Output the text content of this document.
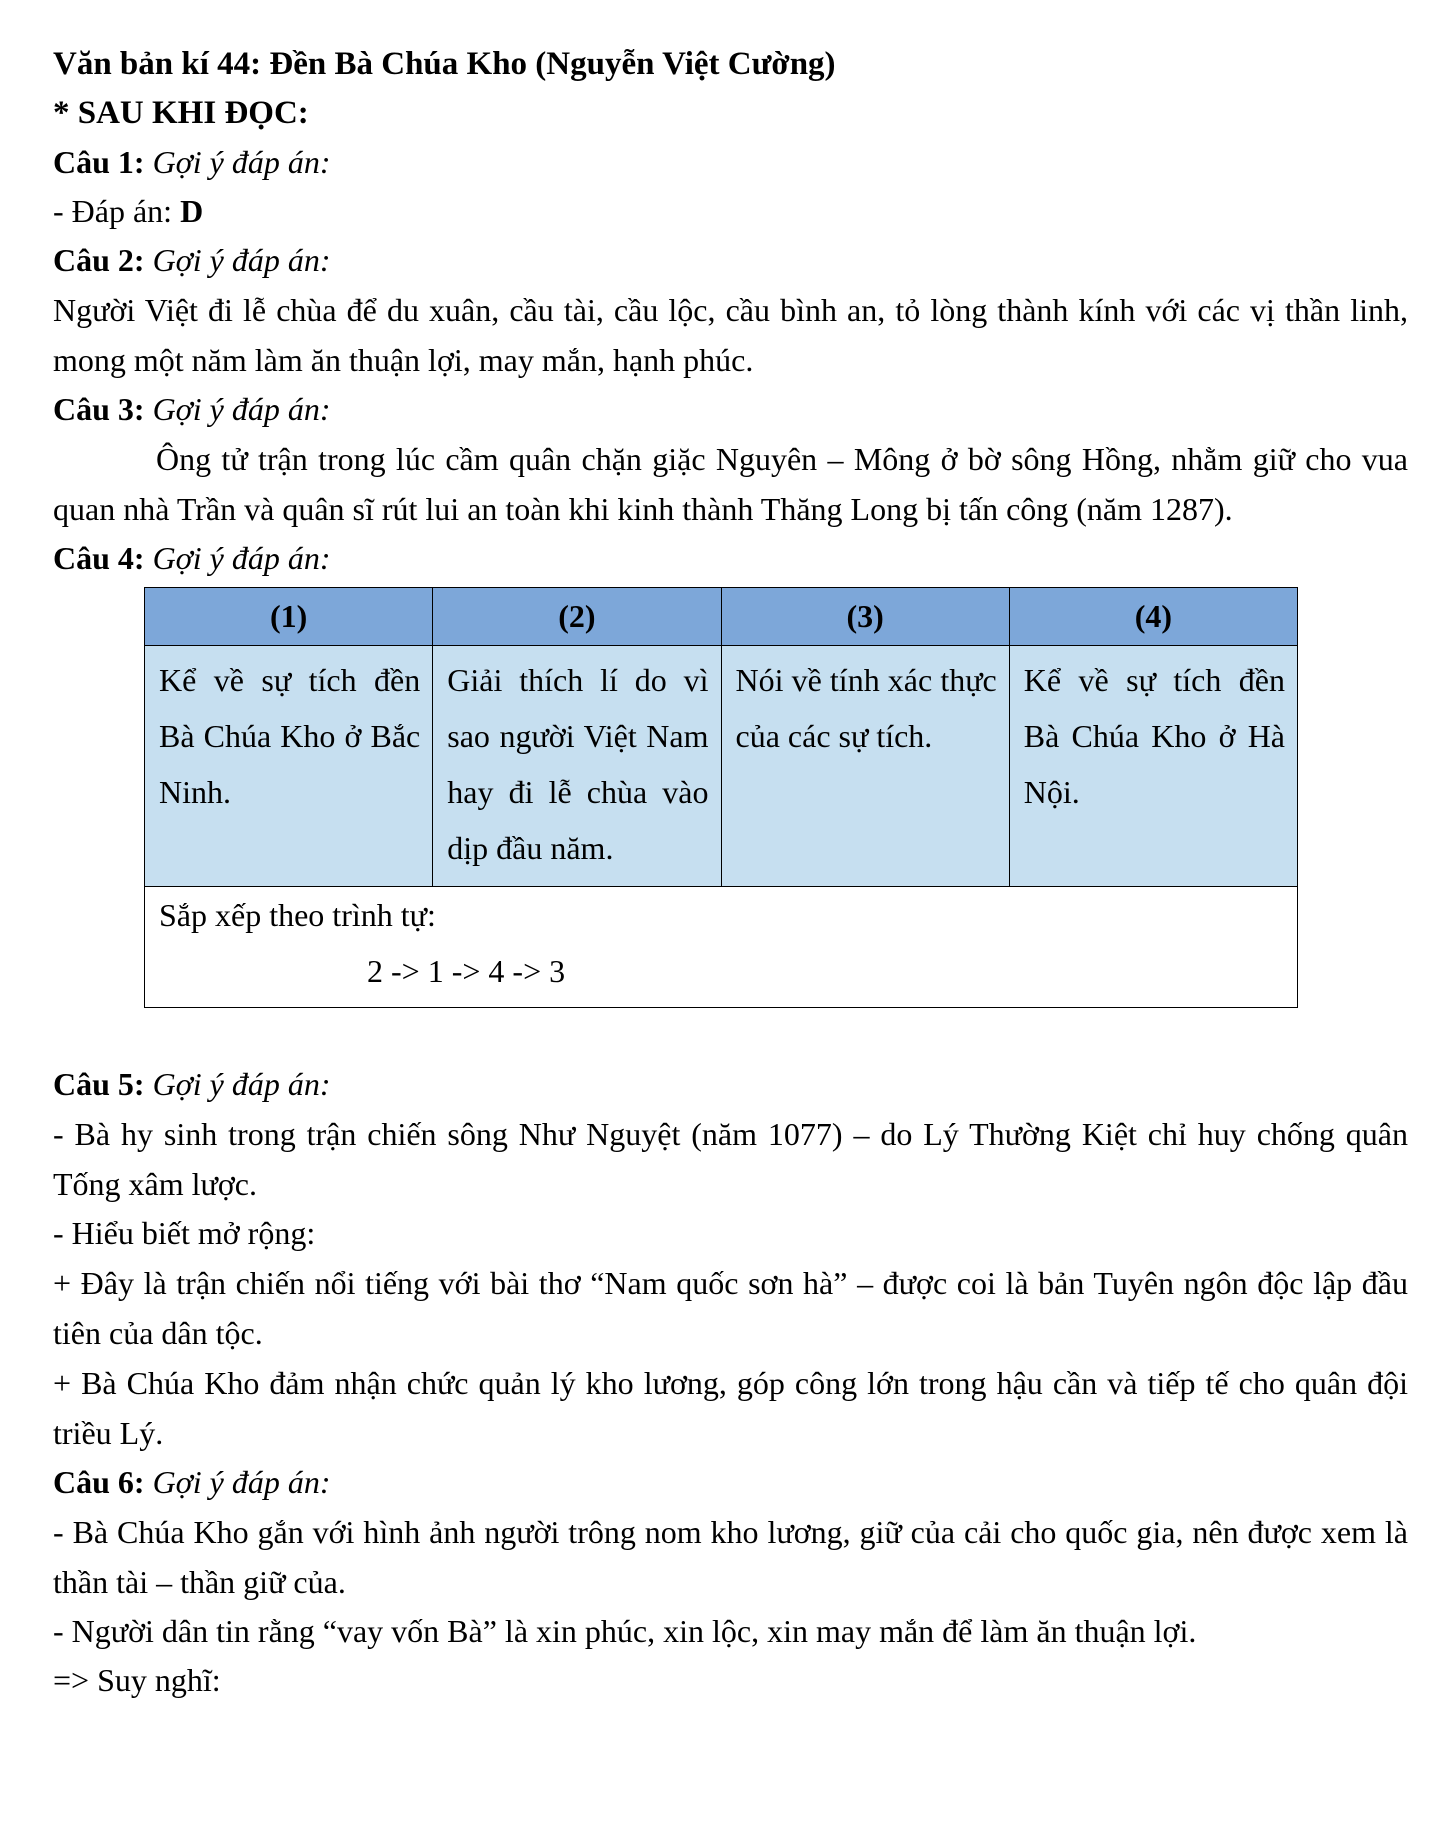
Văn bản kí 44: Đền Bà Chúa Kho (Nguyễn Việt Cường)
* SAU KHI ĐỌC:
Câu 1: Gợi ý đáp án:
- Đáp án: D
Câu 2: Gợi ý đáp án:
Người Việt đi lễ chùa để du xuân, cầu tài, cầu lộc, cầu bình an, tỏ lòng thành kính với các vị thần linh, mong một năm làm ăn thuận lợi, may mắn, hạnh phúc.
Câu 3: Gợi ý đáp án:
Ông tử trận trong lúc cầm quân chặn giặc Nguyên – Mông ở bờ sông Hồng, nhằm giữ cho vua quan nhà Trần và quân sĩ rút lui an toàn khi kinh thành Thăng Long bị tấn công (năm 1287).
Câu 4: Gợi ý đáp án:
(1)	(2)	(3)	(4)
Kể về sự tích đền Bà Chúa Kho ở Bắc Ninh.	Giải thích lí do vì sao người Việt Nam hay đi lễ chùa vào dịp đầu năm.	Nói về tính xác thực của các sự tích.	Kể về sự tích đền Bà Chúa Kho ở Hà Nội.

Sắp xếp theo trình tự:
2 -> 1 -> 4 -> 3			
Câu 5: Gợi ý đáp án:
- Bà hy sinh trong trận chiến sông Như Nguyệt (năm 1077) – do Lý Thường Kiệt chỉ huy chống quân Tống xâm lược.
- Hiểu biết mở rộng:
+ Đây là trận chiến nổi tiếng với bài thơ “Nam quốc sơn hà” – được coi là bản Tuyên ngôn độc lập đầu tiên của dân tộc.
+ Bà Chúa Kho đảm nhận chức quản lý kho lương, góp công lớn trong hậu cần và tiếp tế cho quân đội triều Lý.
Câu 6: Gợi ý đáp án:
- Bà Chúa Kho gắn với hình ảnh người trông nom kho lương, giữ của cải cho quốc gia, nên được xem là thần tài – thần giữ của.
- Người dân tin rằng “vay vốn Bà” là xin phúc, xin lộc, xin may mắn để làm ăn thuận lợi.
=> Suy nghĩ:
